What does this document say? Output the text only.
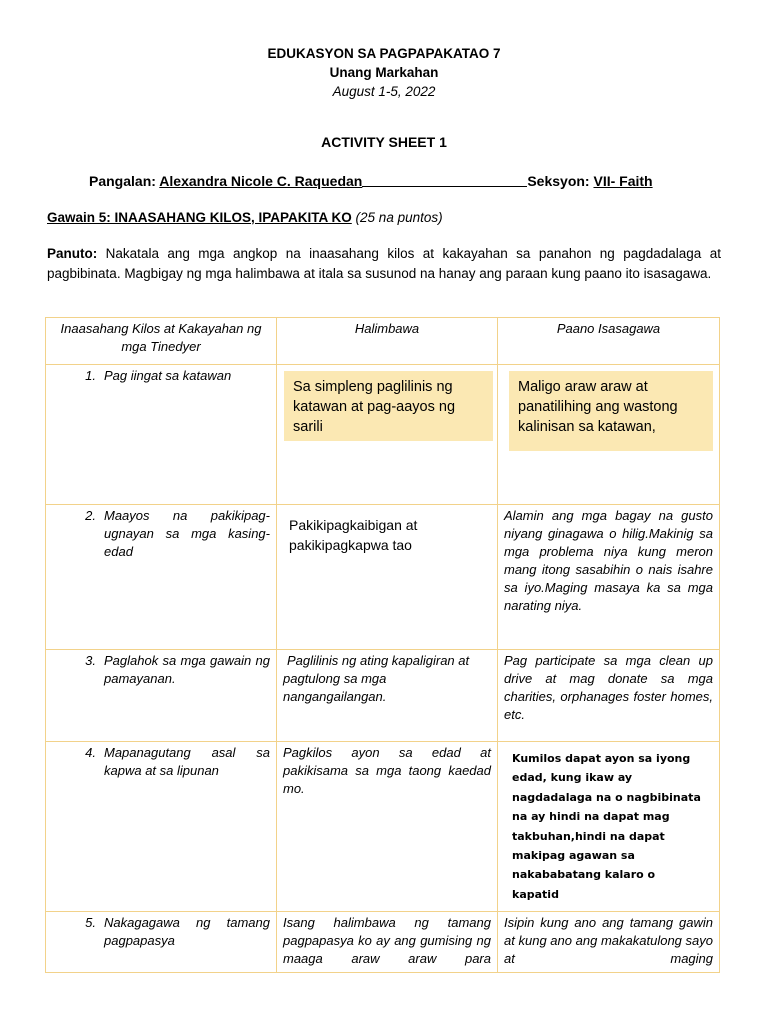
EDUKASYON SA PAGPAPAKATAO 7
Unang Markahan
August 1-5, 2022
ACTIVITY SHEET 1
Pangalan: Alexandra Nicole C. Raquedan	Seksyon: VII- Faith
Gawain 5: INAASAHANG KILOS, IPAPAKITA KO (25 na puntos)
Panuto: Nakatala ang mga angkop na inaasahang kilos at kakayahan sa panahon ng pagdadalaga at pagbibinata. Magbigay ng mga halimbawa at itala sa susunod na hanay ang paraan kung paano ito isasagawa.
Inaasahang Kilos at Kakayahan ng mga Tinedyer	Halimbawa	Paano Isasagawa

1. Pag iingat sa katawan	Sa simpleng paglilinis ng katawan at pag-aayos ng sarili	Maligo araw araw at panatilihing ang wastong kalinisan sa katawan,

2. Maayos na pakikipag-ugnayan sa mga kasing-edad	Pakikipagkaibigan at pakikipagkapwa tao	Alamin ang mga bagay na gusto niyang ginagawa o hilig.Makinig sa mga problema niya kung meron mang itong sasabihin o nais isahre sa iyo.Maging masaya ka sa mga narating niya.

3. Paglahok sa mga gawain ng pamayanan.	Paglilinis ng ating kapaligiran at pagtulong sa mga nangangailangan.	Pag participate sa mga clean up drive at mag donate sa mga charities, orphanages foster homes, etc.

4. Mapanagutang asal sa kapwa at sa lipunan	Pagkilos ayon sa edad at pakikisama sa mga taong kaedad mo.	Kumilos dapat ayon sa iyong edad, kung ikaw ay nagdadalaga na o nagbibinata na ay hindi na dapat mag takbuhan,hindi na dapat makipag agawan sa nakababatang kalaro o kapatid

5. Nakagagawa ng tamang pagpapasya	Isang halimbawa ng tamang pagpapasya ko ay ang gumising ng maaga araw araw para	Isipin kung ano ang tamang gawin at kung ano ang makakatulong sayo at maging
